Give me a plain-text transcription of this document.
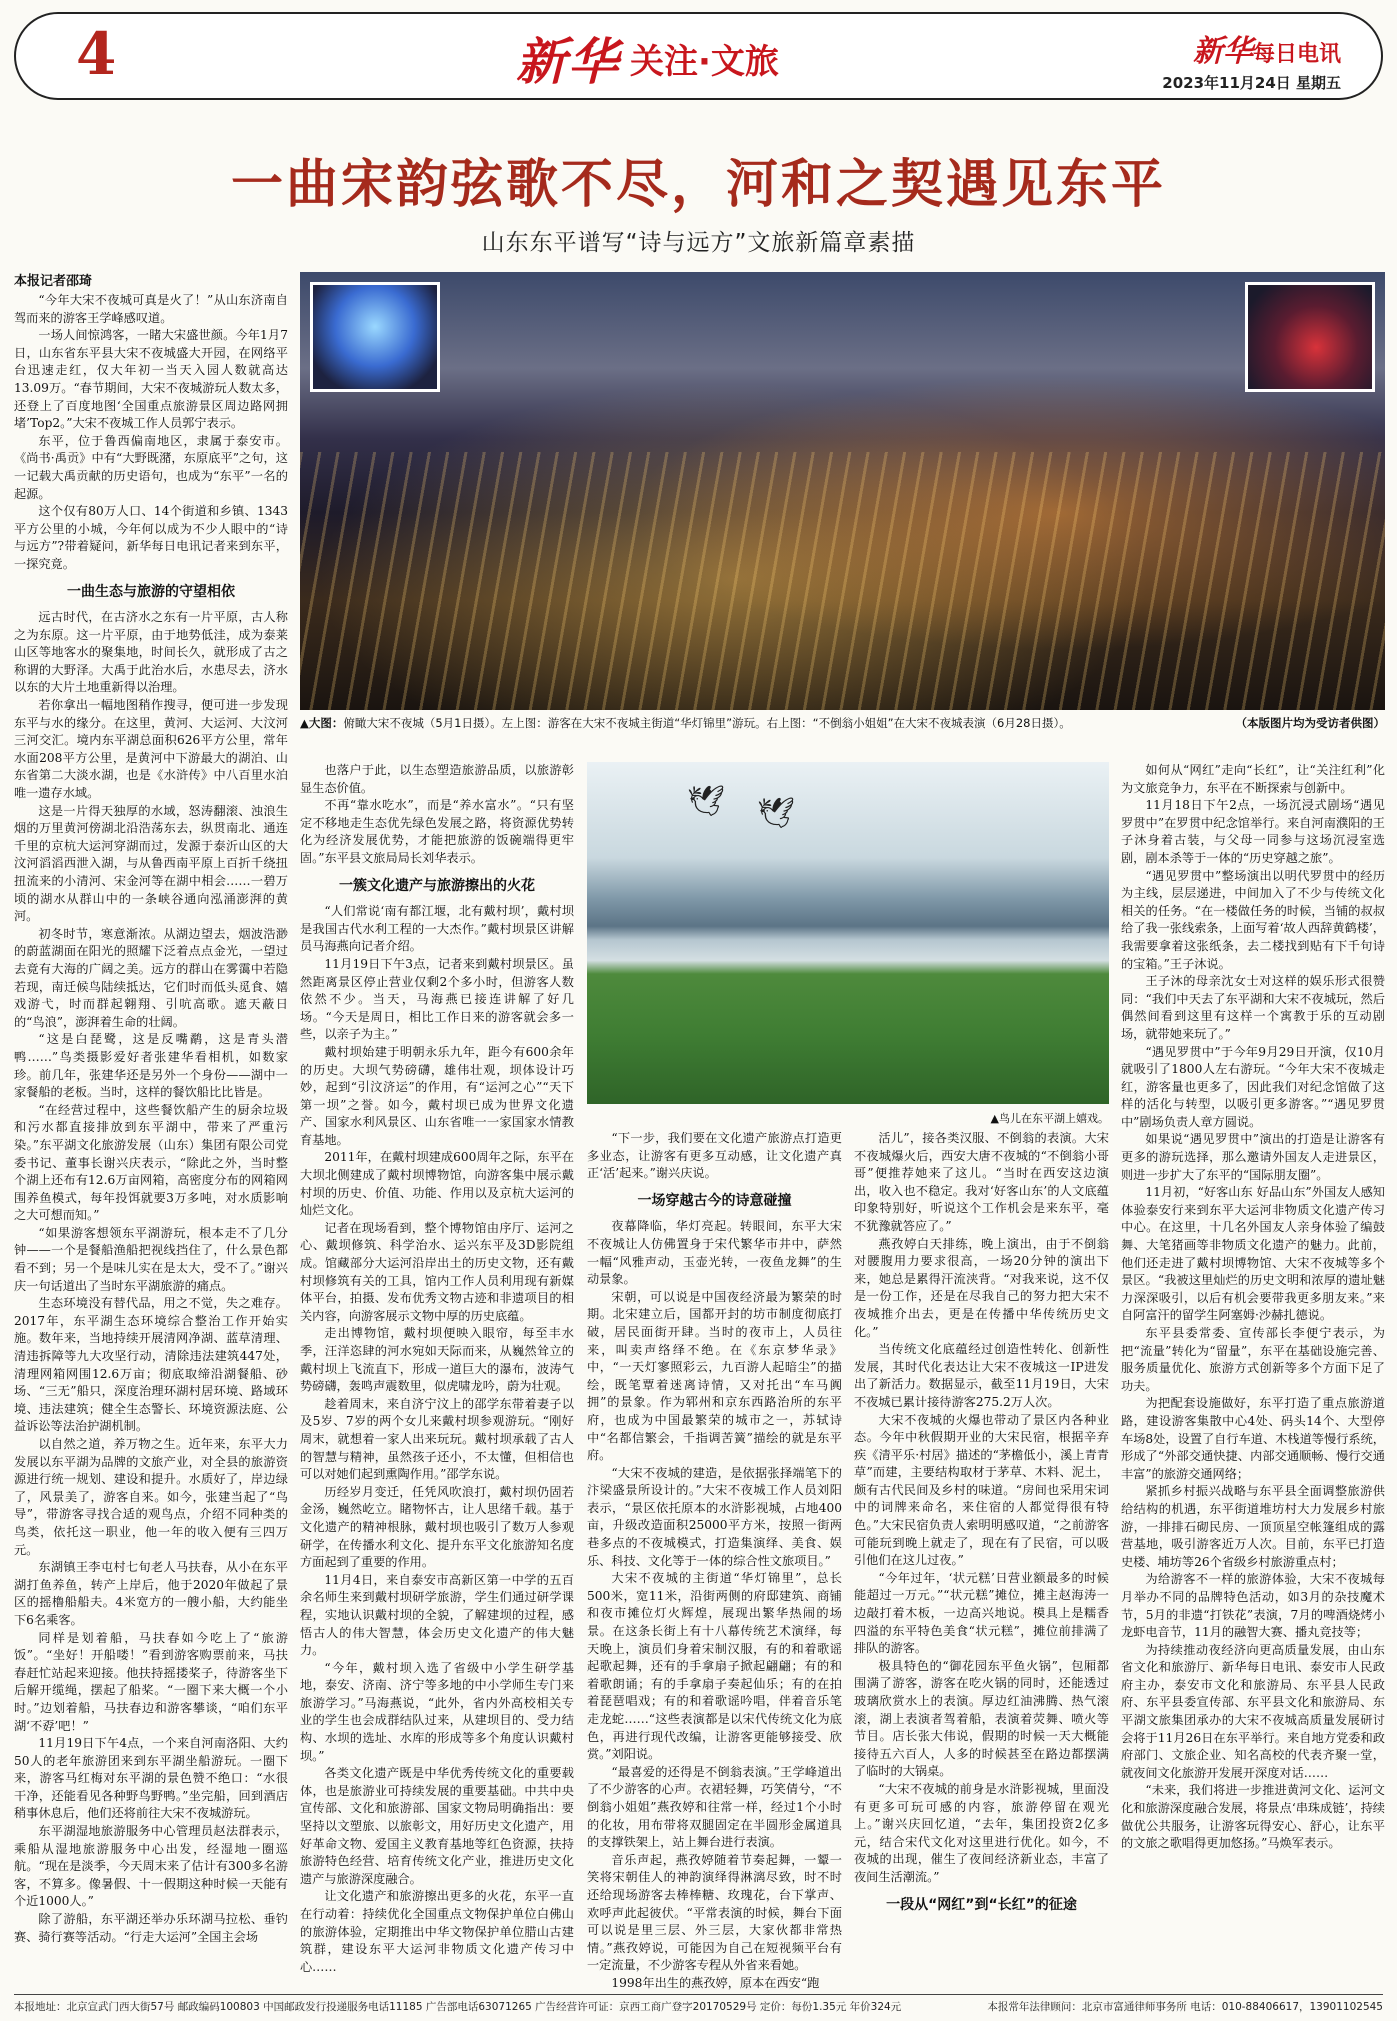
4	新华 关注·文旅	新华每日电讯
2023年11月24日 星期五
一曲宋韵弦歌不尽，河和之契遇见东平
山东东平谱写“诗与远方”文旅新篇章素描
本报记者邵琦
▲大图：俯瞰大宋不夜城（5月1日摄）。左上图：游客在大宋不夜城主街道“华灯锦里”游玩。右上图：“不倒翁小姐姐”在大宋不夜城表演（6月28日摄）。	（本版图片均为受访者供图）
🕊 🕊
▲鸟儿在东平湖上嬉戏。

“今年大宋不夜城可真是火了！”从山东济南自驾而来的游客王学峰感叹道。

一场人间惊鸿客，一睹大宋盛世颜。今年1月7日，山东省东平县大宋不夜城盛大开园，在网络平台迅速走红，仅大年初一当天入园人数就高达13.09万。“春节期间，大宋不夜城游玩人数太多，还登上了百度地图‘全国重点旅游景区周边路网拥堵’Top2。”大宋不夜城工作人员郭宁表示。

东平，位于鲁西偏南地区，隶属于泰安市。《尚书·禹贡》中有“大野既潴，东原底平”之句，这一记载大禹贡献的历史语句，也成为“东平”一名的起源。

这个仅有80万人口、14个街道和乡镇、1343平方公里的小城，今年何以成为不少人眼中的“诗与远方”?带着疑问，新华每日电讯记者来到东平，一探究竟。

一曲生态与旅游的守望相依

远古时代，在古济水之东有一片平原，古人称之为东原。这一片平原，由于地势低洼，成为泰莱山区等地客水的聚集地，时间长久，就形成了古之称谓的大野泽。大禹于此治水后，水患尽去，济水以东的大片土地重新得以治理。

若你拿出一幅地图稍作搜寻，便可进一步发现东平与水的缘分。在这里，黄河、大运河、大汶河三河交汇。境内东平湖总面积626平方公里，常年水面208平方公里，是黄河中下游最大的湖泊、山东省第二大淡水湖，也是《水浒传》中八百里水泊唯一遗存水域。

这是一片得天独厚的水域，怒涛翻滚、浊浪生烟的万里黄河傍湖北沿浩荡东去，纵贯南北、通连千里的京杭大运河穿湖而过，发源于泰沂山区的大汶河滔滔西泄入湖，与从鲁西南平原上百折千绕扭扭流来的小清河、宋金河等在湖中相会……一碧万顷的湖水从群山中的一条峡谷通向泓涌澎湃的黄河。

初冬时节，寒意渐浓。从湖边望去，烟波浩渺的蔚蓝湖面在阳光的照耀下泛着点点金光，一望过去竟有大海的广阔之美。远方的群山在雾霭中若隐若现，南迁候鸟陆续抵达，它们时而低头觅食、嬉戏游弋，时而群起翱翔、引吭高歌。遮天蔽日的“鸟浪”，澎湃着生命的壮阔。

“这是白琵鹭，这是反嘴鹬，这是青头潜鸭……”鸟类摄影爱好者张建华看相机，如数家珍。前几年，张建华还是另外一个身份——湖中一家餐船的老板。当时，这样的餐饮船比比皆是。

“在经营过程中，这些餐饮船产生的厨余垃圾和污水都直接排放到东平湖中，带来了严重污染。”东平湖文化旅游发展（山东）集团有限公司党委书记、董事长谢兴庆表示，“除此之外，当时整个湖上还布有12.6万亩网箱，高密度分布的网箱网围养鱼模式，每年投饵就要3万多吨，对水质影响之大可想而知。”

“如果游客想领东平湖游玩，根本走不了几分钟——一个是餐船渔船把视线挡住了，什么景色都看不到；另一个是味儿实在是太大，受不了。”谢兴庆一句话道出了当时东平湖旅游的痛点。

生态环境没有替代品，用之不觉，失之难存。2017年，东平湖生态环境综合整治工作开始实施。数年来，当地持续开展清网净湖、蓝草清理、清违拆障等九大攻坚行动，清除违法建筑447处，清理网箱网围12.6万亩；彻底取缔沿湖餐船、砂场、“三无”船只，深度治理环湖村居环境、路域环境、违法建筑；健全生态警长、环境资源法庭、公益诉讼等法治护湖机制。

以自然之道，养万物之生。近年来，东平大力发展以东平湖为品牌的文旅产业，对全县的旅游资源进行统一规划、建设和提升。水质好了，岸边绿了，风景美了，游客自来。如今，张建当起了“鸟导”，带游客寻找合适的观鸟点，介绍不同种类的鸟类，依托这一职业，他一年的收入便有三四万元。

东湖镇王李屯村七旬老人马扶春，从小在东平湖打鱼养鱼，转产上岸后，他于2020年做起了景区的摇橹船船夫。4米宽方的一艘小船，大约能坐下6名乘客。

同样是划着船，马扶春如今吃上了“旅游饭”。“坐好！开船喽！”看到游客购票前来，马扶春赶忙站起来迎接。他扶持摇搂桨子，待游客坐下后解开缆绳，摆起了船桨。“一圈下来大概一个小时。”边划着船，马扶春边和游客攀谈，“咱们东平湖‘不孬’吧！”

11月19日下午4点，一个来自河南洛阳、大约50人的老年旅游团来到东平湖坐船游玩。一圈下来，游客马红梅对东平湖的景色赞不绝口：“水很干净，还能看见各种野鸟野鸭。”坐完船，回到酒店稍事休息后，他们还将前往大宋不夜城游玩。

东平湖湿地旅游服务中心管理员赵法群表示，乘船从湿地旅游服务中心出发，经湿地一圈巡航。“现在是淡季，今天周末来了估计有300多名游客，不算多。像暑假、十一假期这种时候一天能有个近1000人。”

除了游船，东平湖还举办乐环湖马拉松、垂钓赛、骑行赛等活动。“行走大运河”全国主会场

也落户于此，以生态塑造旅游品质，以旅游彰显生态价值。

不再“靠水吃水”，而是“养水富水”。“只有坚定不移地走生态优先绿色发展之路，将资源优势转化为经济发展优势，才能把旅游的饭碗端得更牢固。”东平县文旅局局长刘华表示。

一簇文化遗产与旅游擦出的火花

“人们常说‘南有都江堰，北有戴村坝’，戴村坝是我国古代水利工程的一大杰作。”戴村坝景区讲解员马海燕向记者介绍。

11月19日下午3点，记者来到戴村坝景区。虽然距离景区停止营业仅剩2个多小时，但游客人数依然不少。当天，马海燕已接连讲解了好几场。“今天是周日，相比工作日来的游客就会多一些，以亲子为主。”

戴村坝始建于明朝永乐九年，距今有600余年的历史。大坝气势磅礴，雄伟壮观，坝体设计巧妙，起到“引汶济运”的作用，有“运河之心”“天下第一坝”之誉。如今，戴村坝已成为世界文化遗产、国家水利风景区、山东省唯一一家国家水情教育基地。

2011年，在戴村坝建成600周年之际，东平在大坝北侧建成了戴村坝博物馆，向游客集中展示戴村坝的历史、价值、功能、作用以及京杭大运河的灿烂文化。

记者在现场看到，整个博物馆由序厅、运河之心、戴坝修筑、科学治水、运兴东平及3D影院组成。馆藏部分大运河沿岸出土的历史文物，还有戴村坝修筑有关的工具，馆内工作人员利用现有新媒体平台，拍摄、发布优秀文物古迹和非遗项目的相关内容，向游客展示文物中厚的历史底蕴。

走出博物馆，戴村坝便映入眼帘，每至丰水季，汪洋恣肆的河水宛如天际而来，从巍然耸立的戴村坝上飞流直下，形成一道巨大的瀑布，波涛气势磅礴，轰鸣声震数里，似虎啸龙吟，蔚为壮观。

趁着周末，来自济宁汶上的邵学东带着妻子以及5岁、7岁的两个女儿来戴村坝参观游玩。“刚好周末，就想着一家人出来玩玩。戴村坝承载了古人的智慧与精神，虽然孩子还小，不太懂，但相信也可以对她们起到熏陶作用。”邵学东说。

历经岁月变迁，任凭风吹浪打，戴村坝仍固若金汤，巍然屹立。睹物怀古，让人思绪千载。基于文化遗产的精神根脉，戴村坝也吸引了数万人参观研学，在传播水利文化、提升东平文化旅游知名度方面起到了重要的作用。

11月4日，来自泰安市高新区第一中学的五百余名师生来到戴村坝研学旅游，学生们通过研学课程，实地认识戴村坝的全貌，了解建坝的过程，感悟古人的伟大智慧，体会历史文化遗产的伟大魅力。

“今年，戴村坝入选了省级中小学生研学基地，泰安、济南、济宁等多地的中小学师生专门来旅游学习。”马海燕说，“此外，省内外高校相关专业的学生也会成群结队过来，从建坝目的、受力结构、水坝的选址、水库的形成等多个角度认识戴村坝。”

各类文化遗产既是中华优秀传统文化的重要载体，也是旅游业可持续发展的重要基础。中共中央宣传部、文化和旅游部、国家文物局明确指出：要坚持以文塑旅、以旅彰文，用好历史文化遗产，用好革命文物、爱国主义教育基地等红色资源，扶持旅游特色经营、培育传统文化产业，推进历史文化遗产与旅游深度融合。

让文化遗产和旅游擦出更多的火花，东平一直在行动着：持续优化全国重点文物保护单位白佛山的旅游体验，定期推出中华文物保护单位腊山古建筑群，建设东平大运河非物质文化遗产传习中心……

“下一步，我们要在文化遗产旅游点打造更多业态，让游客有更多互动感，让文化遗产真正‘活’起来。”谢兴庆说。

一场穿越古今的诗意碰撞

夜幕降临，华灯亮起。转眼间，东平大宋不夜城让人仿佛置身于宋代繁华市井中，萨然一幅“风雅声动，玉壶光转，一夜鱼龙舞”的生动景象。

宋朝，可以说是中国夜经济最为繁荣的时期。北宋建立后，国都开封的坊市制度彻底打破，居民面街开肆。当时的夜市上，人员往来，叫卖声络绎不绝。在《东京梦华录》中，“一天灯寥照彩云，九百游人起暗尘”的描绘，既笔覃着迷离诗情，又对托出“车马阗拥”的景象。作为郓州和京东西路治所的东平府，也成为中国最繁荣的城市之一，苏轼诗中“名都信繁会，千指调苦簧”描绘的就是东平府。

“大宋不夜城的建造，是依据张择端笔下的汴梁盛景所设计的。”大宋不夜城工作人员刘阳表示，“景区依托原本的水浒影视城，占地400亩，升级改造面积25000平方米，按照一街两巷多点的不夜城模式，打造集演绎、美食、娱乐、科技、文化等于一体的综合性文旅项目。”

大宋不夜城的主街道“华灯锦里”，总长500米，宽11米，沿街两侧的府邸建筑、商铺和夜市摊位灯火辉煌，展现出繁华热闹的场景。在这条长街上有十八幕传统艺术演绎，每天晚上，演员们身着宋制汉服，有的和着歌谣起歌起舞，还有的手拿扇子掀起翩翩；有的和着歌朗诵；有的手拿扇子奏起仙乐；有的在拍着琵琶唱戏；有的和着歌谣吟唱，伴着音乐笔走龙蛇……“这些表演都是以宋代传统文化为底色，再进行现代改编，让游客更能够接受、欣赏。”刘阳说。

“最喜爱的还得是不倒翁表演。”王学峰道出了不少游客的心声。衣裙轻舞，巧笑倩兮，“不倒翁小姐姐”燕孜婷和往常一样，经过1个小时的化妆，用布带将双腿固定在半圆形金属道具的支撑铁架上，站上舞台进行表演。

音乐声起，燕孜婷随着节奏起舞，一颦一笑将宋朝佳人的神韵演绎得淋漓尽致，时不时还给现场游客去棒棒糖、玫瑰花，台下掌声、欢呼声此起彼伏。“平常表演的时候，舞台下面可以说是里三层、外三层，大家伙都非常热情。”燕孜婷说，可能因为自己在短视频平台有一定流量，不少游客专程从外省来看她。

1998年出生的燕孜婷，原本在西安“跑

活儿”，接各类汉服、不倒翁的表演。大宋不夜城爆火后，西安大唐不夜城的“不倒翁小哥哥”便推荐她来了这儿。“当时在西安这边演出，收入也不稳定。我对‘好客山东’的人文底蕴印象特别好，听说这个工作机会是来东平，毫不犹豫就答应了。”

燕孜婷白天排练，晚上演出，由于不倒翁对腰腹用力要求很高，一场20分钟的演出下来，她总是累得汗流浃背。“对我来说，这不仅是一份工作，还是在尽我自己的努力把大宋不夜城推介出去，更是在传播中华传统历史文化。”

当传统文化底蕴经过创造性转化、创新性发展，其时代化表达让大宋不夜城这一IP进发出了新活力。数据显示，截至11月19日，大宋不夜城已累计接待游客275.2万人次。

大宋不夜城的火爆也带动了景区内各种业态。今年中秋假期开业的大宋民宿，根据辛弃疾《清平乐·村居》描述的“茅檐低小，溪上青青草”而建，主要结构取材于茅草、木料、泥土，颇有古代民间及乡村的味道。“房间也采用宋词中的词牌来命名，来住宿的人都觉得很有特色。”大宋民宿负责人索明明感叹道，“之前游客可能玩到晚上就走了，现在有了民宿，可以吸引他们在这儿过夜。”

“今年过年，‘状元糕’日营业额最多的时候能超过一万元。”“状元糕”摊位，摊主赵海涛一边敲打着木板，一边高兴地说。模具上是糯香四溢的东平特色美食“状元糕”，摊位前排满了排队的游客。

极具特色的“御花园东平鱼火锅”，包厢都围满了游客，游客在吃火锅的同时，还能透过玻璃欣赏水上的表演。厚边红油沸腾、热气滚滚，湖上表演者驾着船，表演着荧舞、喷火等节目。店长张大伟说，假期的时候一天大概能接待五六百人，人多的时候甚至在路边都摆满了临时的大锅桌。

“大宋不夜城的前身是水浒影视城，里面没有更多可玩可感的内容，旅游停留在观光上。”谢兴庆回忆道，“去年，集团投资2亿多元，结合宋代文化对这里进行优化。如今，不夜城的出现，催生了夜间经济新业态，丰富了夜间生活潮流。”

一段从“网红”到“长红”的征途

如何从“网红”走向“长红”，让“关注红利”化为文旅竞争力，东平在不断探索与创新中。

11月18日下午2点，一场沉浸式剧场“遇见罗贯中”在罗贯中纪念馆举行。来自河南濮阳的王子沐身着古装，与父母一同参与这场沉浸室选剧，剧本杀等于一体的“历史穿越之旅”。

“遇见罗贯中”整场演出以明代罗贯中的经历为主线，层层递进，中间加入了不少与传统文化相关的任务。“在一楼做任务的时候，当铺的叔叔给了我一张线索条，上面写着‘故人西辞黄鹤楼’，我需要拿着这张纸条，去二楼找到贴有下千句诗的宝箱。”王子沐说。

王子沐的母亲沈女士对这样的娱乐形式很赞同：“我们中天去了东平湖和大宋不夜城玩，然后偶然间看到这里有这样一个寓教于乐的互动剧场，就带她来玩了。”

“遇见罗贯中”于今年9月29日开演，仅10月就吸引了1800人左右游玩。“今年大宋不夜城走红，游客量也更多了，因此我们对纪念馆做了这样的活化与转型，以吸引更多游客。”“遇见罗贯中”剧场负责人章方圆说。

如果说“遇见罗贯中”演出的打造是让游客有更多的游玩选择，那么邀请外国友人走进景区，则进一步扩大了东平的“国际朋友圈”。

11月初，“好客山东 好品山东”外国友人感知体验泰安行来到东平大运河非物质文化遗产传习中心。在这里，十几名外国友人亲身体验了编鼓舞、大笔猪画等非物质文化遗产的魅力。此前，他们还走进了戴村坝博物馆、大宋不夜城等多个景区。“我被这里灿烂的历史文明和浓厚的遗址魅力深深吸引，以后有机会要带我更多朋友来。”来自阿富汗的留学生阿塞姆·沙赫扎德说。

东平县委常委、宣传部长李便宁表示，为把“流量”转化为“留量”，东平在基础设施完善、服务质量优化、旅游方式创新等多个方面下足了功夫。

为把配套设施做好，东平打造了重点旅游道路，建设游客集散中心4处、码头14个、大型停车场8处，设置了自行车道、木栈道等慢行系统，形成了“外部交通快捷、内部交通顺畅、慢行交通丰富”的旅游交通网络；

紧抓乡村振兴战略与东平县全面调整旅游供给结构的机遇，东平街道堆坊村大力发展乡村旅游，一排排石砌民房、一顶顶星空帐篷组成的露营基地，吸引游客近万人次。目前，东平已打造史楼、埔坊等26个省级乡村旅游重点村；

为给游客不一样的旅游体验，大宋不夜城每月举办不同的品牌特色活动，如3月的杂技魔术节，5月的非遗“打铁花”表演，7月的啤酒烧烤小龙虾电音节，11月的融智大赛、播丸竞技等；

为持续推动夜经济向更高质量发展，由山东省文化和旅游厅、新华每日电讯、泰安市人民政府主办，泰安市文化和旅游局、东平县人民政府、东平县委宣传部、东平县文化和旅游局、东平湖文旅集团承办的大宋不夜城高质量发展研讨会将于11月26日在东平举行。来自地方党委和政府部门、文旅企业、知名高校的代表齐聚一堂，就夜间文化旅游开发展开深度对话……

“未来，我们将进一步推进黄河文化、运河文化和旅游深度融合发展，将景点‘串珠成链’，持续做优公共服务，让游客玩得安心、舒心，让东平的文旅之歌唱得更加悠扬。”马焕军表示。

本报地址：北京宣武门西大街57号 邮政编码100803 中国邮政发行投递服务电话11185 广告部电话63071265 广告经营许可证：京西工商广登字20170529号 定价：每份1.35元 年价324元	本报常年法律顾问：北京市富通律师事务所 电话：010-88406617，13901102545
